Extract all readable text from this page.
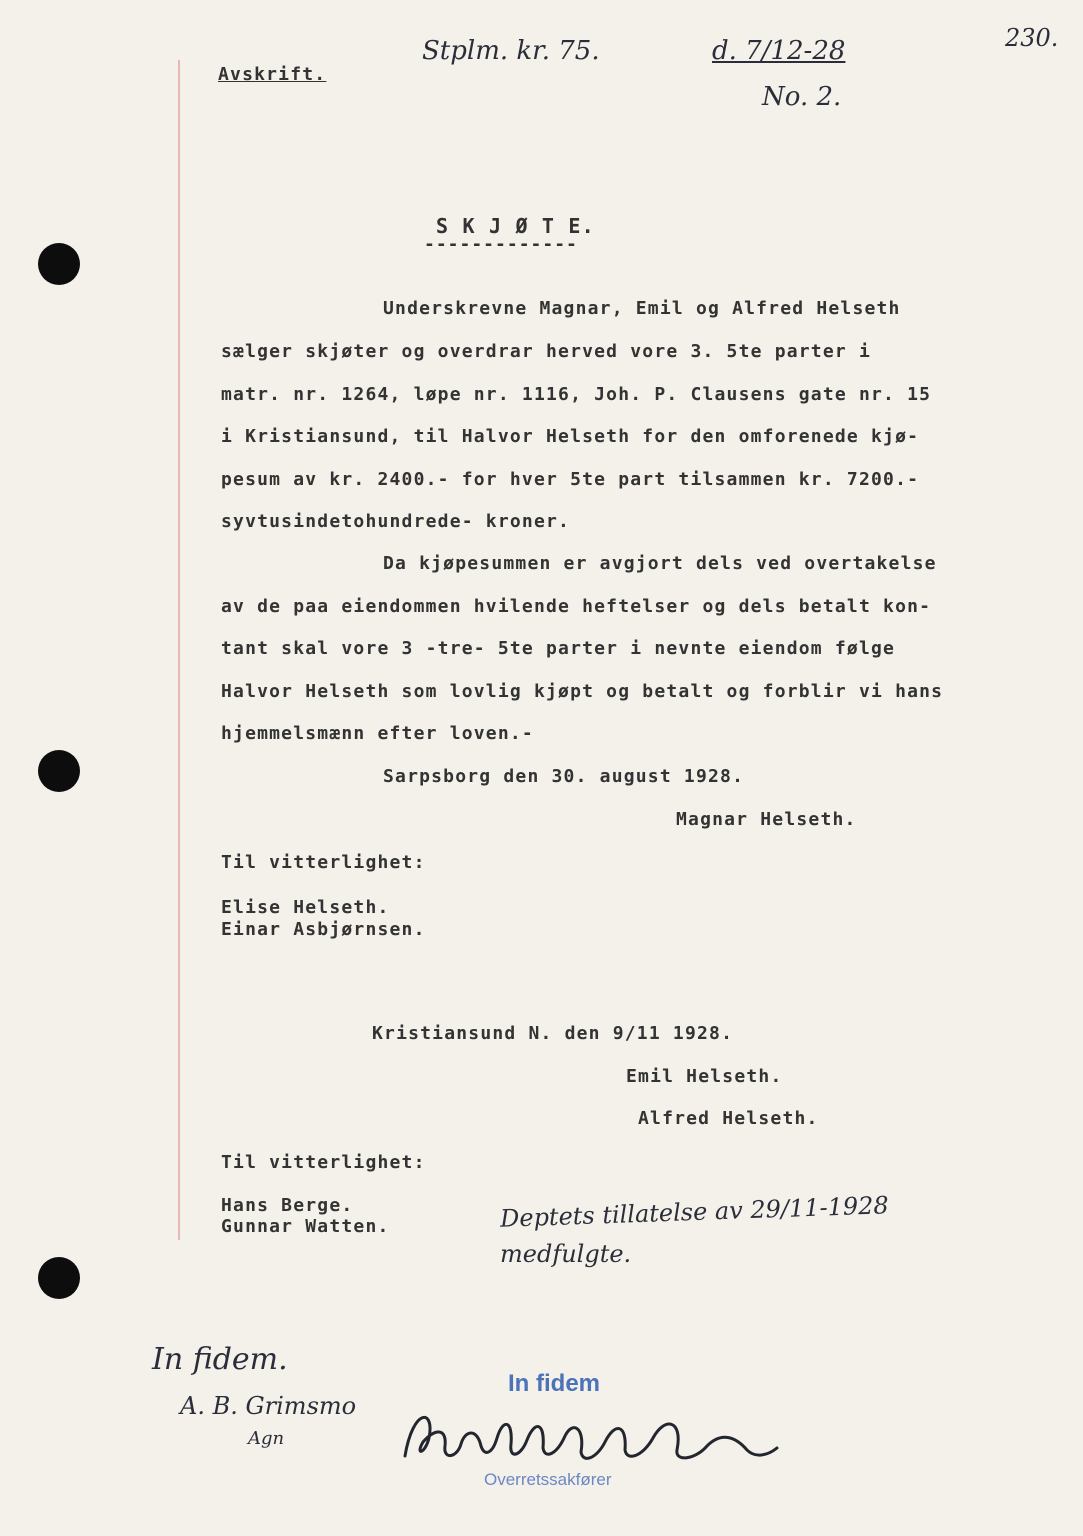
Avskrift.
Stplm. kr. 75.	d. 7/12-28
No. 2.
230.
S K J Ø T E.
-------------
Underskrevne Magnar, Emil og Alfred Helseth
sælger skjøter og overdrar herved vore 3. 5te parter i
matr. nr. 1264, løpe nr. 1116, Joh. P. Clausens gate nr. 15
i Kristiansund, til Halvor Helseth for den omforenede kjø-
pesum av kr. 2400.- for hver 5te part tilsammen kr. 7200.-
syvtusindetohundrede- kroner.
Da kjøpesummen er avgjort dels ved overtakelse
av de paa eiendommen hvilende heftelser og dels betalt kon-
tant skal vore 3 -tre- 5te parter i nevnte eiendom følge
Halvor Helseth som lovlig kjøpt og betalt og forblir vi hans
hjemmelsmænn efter loven.-
Sarpsborg den 30. august 1928.
Magnar Helseth.
Til vitterlighet:
Elise Helseth.
Einar Asbjørnsen.
Kristiansund N. den 9/11 1928.
Emil Helseth.
Alfred Helseth.
Til vitterlighet:
Hans Berge.
Gunnar Watten.	Deptets tillatelse av 29/11-1928
medfulgte.
In fidem.
A. B. Grimsmo
Agn
In fidem
Overretssakfører
